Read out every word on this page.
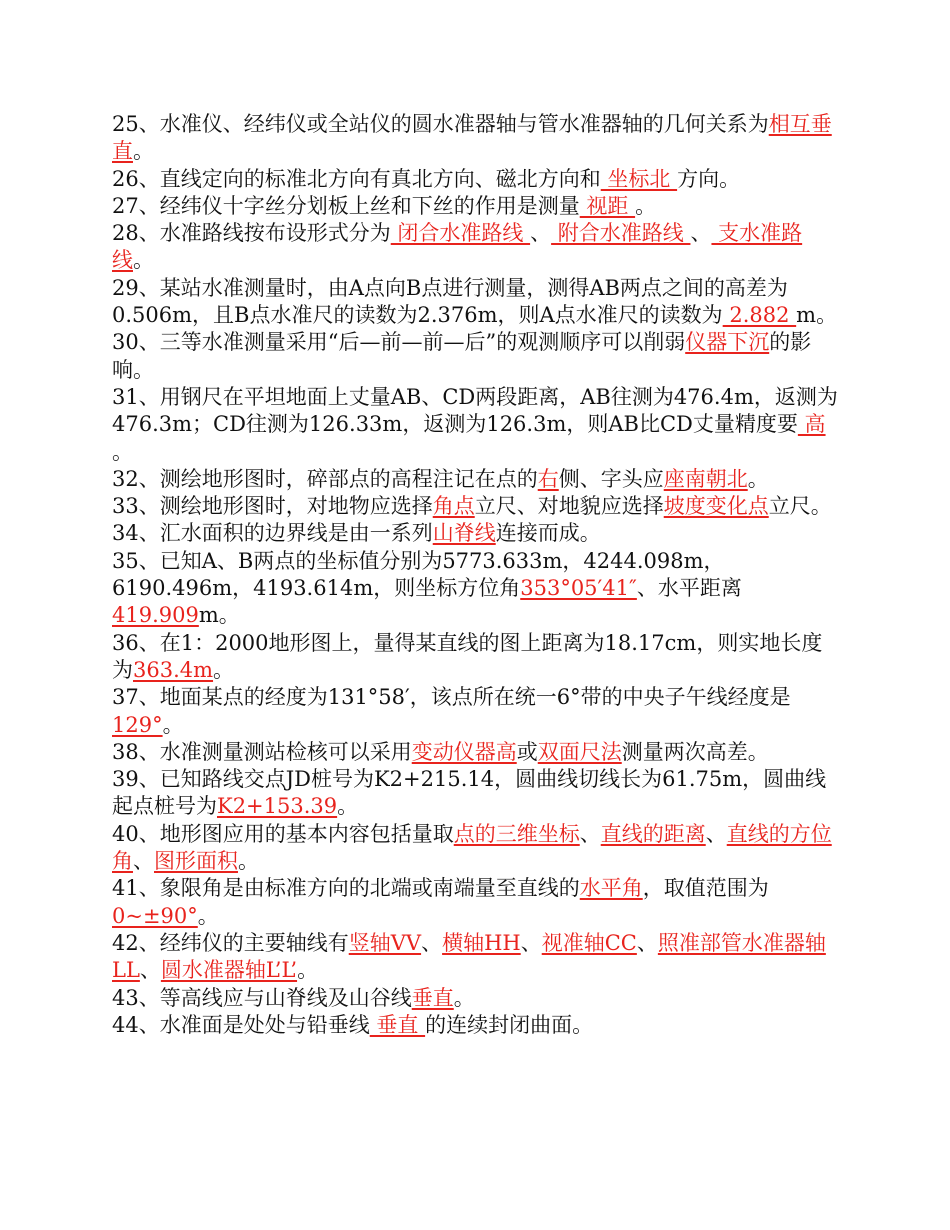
25、水准仪、经纬仪或全站仪的圆水准器轴与管水准器轴的几何关系为相互垂直。

26、直线定向的标准北方向有真北方向、磁北方向和 坐标北 方向。

27、经纬仪十字丝分划板上丝和下丝的作用是测量 视距 。

28、水准路线按布设形式分为 闭合水准路线 、 附合水准路线 、 支水准路线。

29、某站水准测量时，由A点向B点进行测量，测得AB两点之间的高差为0.506m，且B点水准尺的读数为2.376m，则A点水准尺的读数为 2.882 m。

30、三等水准测量采用“后—前—前—后”的观测顺序可以削弱仪器下沉的影响。

31、用钢尺在平坦地面上丈量AB、CD两段距离，AB往测为476.4m，返测为476.3m；CD往测为126.33m，返测为126.3m，则AB比CD丈量精度要 高 。

32、测绘地形图时，碎部点的高程注记在点的右侧、字头应座南朝北。

33、测绘地形图时，对地物应选择角点立尺、对地貌应选择坡度变化点立尺。

34、汇水面积的边界线是由一系列山脊线连接而成。

35、已知A、B两点的坐标值分别为5773.633m，4244.098m，6190.496m，4193.614m，则坐标方位角353°05′41″、水平距离419.909m。

36、在1：2000地形图上，量得某直线的图上距离为18.17cm，则实地长度为363.4m。

37、地面某点的经度为131°58′，该点所在统一6°带的中央子午线经度是129°。

38、水准测量测站检核可以采用变动仪器高或双面尺法测量两次高差。

39、已知路线交点JD桩号为K2+215.14，圆曲线切线长为61.75m，圆曲线起点桩号为K2+153.39。

40、地形图应用的基本内容包括量取点的三维坐标、直线的距离、直线的方位角、图形面积。

41、象限角是由标准方向的北端或南端量至直线的水平角，取值范围为0~±90°。

42、经纬仪的主要轴线有竖轴VV、横轴HH、视准轴CC、照准部管水准器轴LL、圆水准器轴L’L’。

43、等高线应与山脊线及山谷线垂直。

44、水准面是处处与铅垂线 垂直 的连续封闭曲面。
